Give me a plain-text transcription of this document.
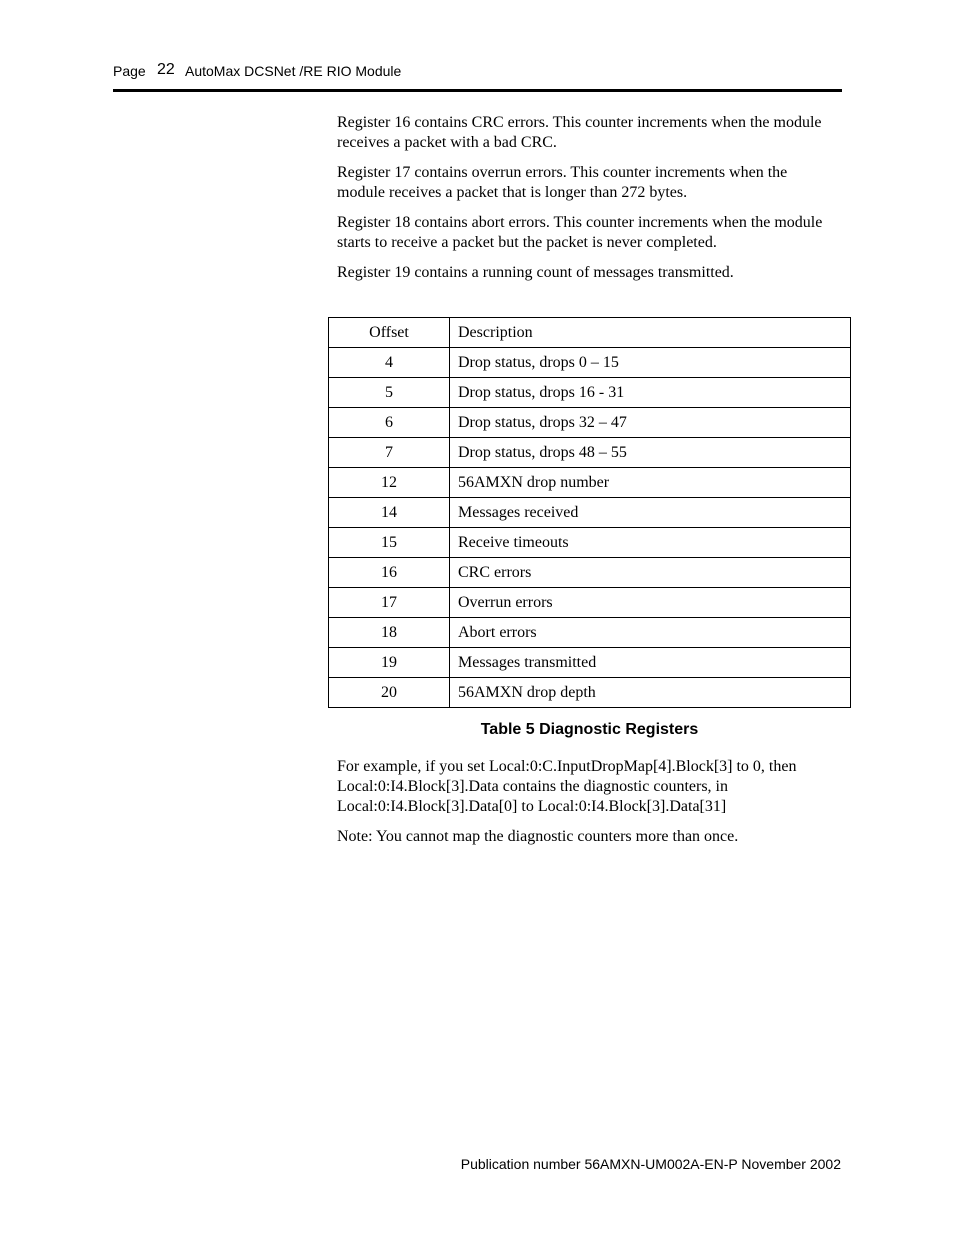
Page 22 AutoMax DCSNet /RE RIO Module

Register 16 contains CRC errors. This counter increments when the module receives a packet with a bad CRC.

Register 17 contains overrun errors. This counter increments when the module receives a packet that is longer than 272 bytes.

Register 18 contains abort errors. This counter increments when the module starts to receive a packet but the packet is never completed.

Register 19 contains a running count of messages transmitted.

Offset	Description
4	Drop status, drops 0 – 15
5	Drop status, drops 16 - 31
6	Drop status, drops 32 – 47
7	Drop status, drops 48 – 55
12	56AMXN drop number
14	Messages received
15	Receive timeouts
16	CRC errors
17	Overrun errors
18	Abort errors
19	Messages transmitted
20	56AMXN drop depth
Table 5 Diagnostic Registers

For example, if you set Local:0:C.InputDropMap[4].Block[3] to 0, then Local:0:I4.Block[3].Data contains the diagnostic counters, in Local:0:I4.Block[3].Data[0] to Local:0:I4.Block[3].Data[31]

Note: You cannot map the diagnostic counters more than once.

Publication number 56AMXN-UM002A-EN-P November 2002
